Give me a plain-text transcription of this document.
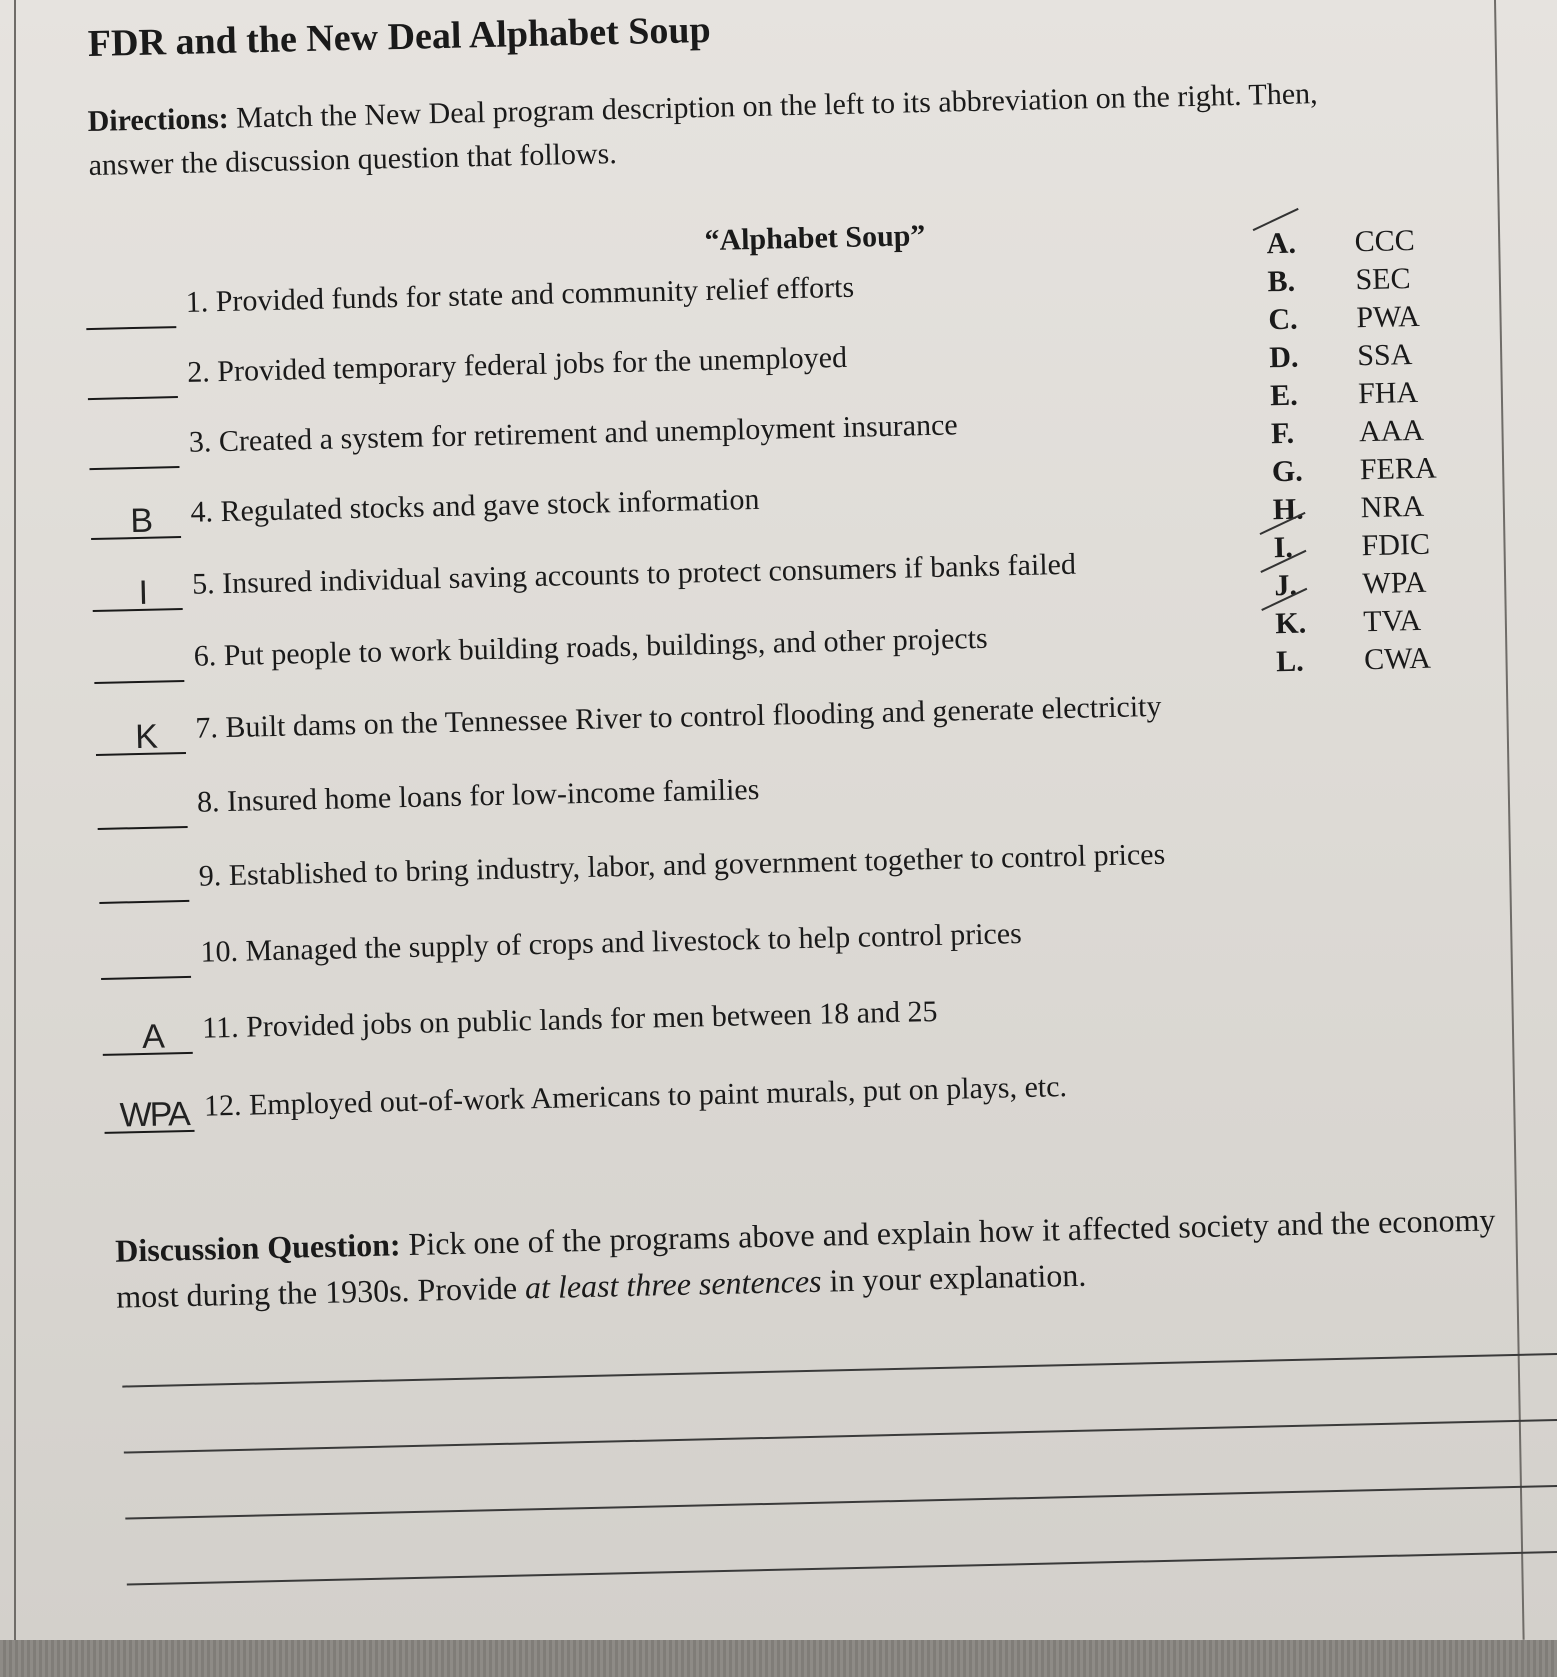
FDR and the New Deal Alphabet Soup
Directions: Match the New Deal program description on the left to its abbreviation on the right. Then, answer the discussion question that follows.
“Alphabet Soup”
1. Provided funds for state and community relief efforts
2. Provided temporary federal jobs for the unemployed
3. Created a system for retirement and unemployment insurance
B	4. Regulated stocks and gave stock information
I	5. Insured individual saving accounts to protect consumers if banks failed
6. Put people to work building roads, buildings, and other projects
K	7. Built dams on the Tennessee River to control flooding and generate electricity
8. Insured home loans for low-income families
9. Established to bring industry, labor, and government together to control prices
10. Managed the supply of crops and livestock to help control prices
A	11. Provided jobs on public lands for men between 18 and 25
WPA 12. Employed out-of-work Americans to paint murals, put on plays, etc.
A.	CCC
B.	SEC
C.	PWA
D.	SSA
E.	FHA
F.	AAA
G.	FERA
H.	NRA
I.	FDIC
J.	WPA
K.	TVA
L.	CWA
Discussion Question: Pick one of the programs above and explain how it affected society and the economy most during the 1930s. Provide at least three sentences in your explanation.
